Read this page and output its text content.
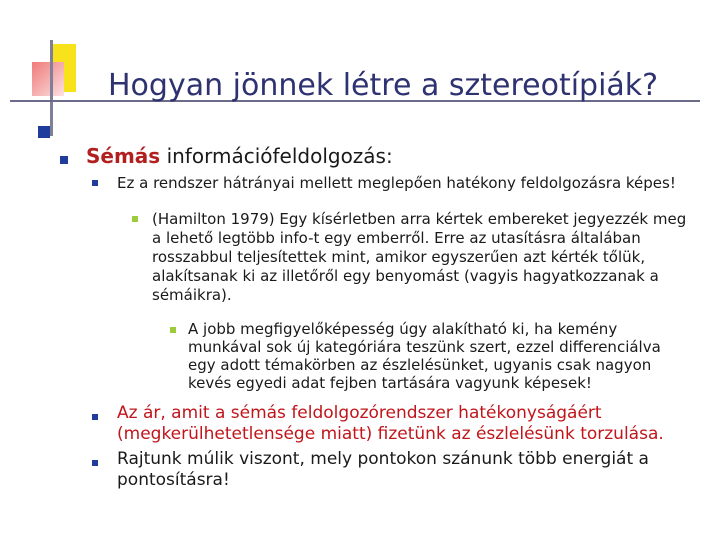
Hogyan jönnek létre a sztereotípiák?
Sémás információfeldolgozás:
Ez a rendszer hátrányai mellett meglepően hatékony feldolgozásra képes!
(Hamilton 1979) Egy kísérletben arra kértek embereket jegyezzék meg a lehető legtöbb info-t egy emberről. Erre az utasításra általában rosszabbul teljesítettek mint, amikor egyszerűen azt kérték tőlük, alakítsanak ki az illetőről egy benyomást (vagyis hagyatkozzanak a sémáikra).
A jobb megfigyelőképesség úgy alakítható ki, ha kemény munkával sok új kategóriára teszünk szert, ezzel differenciálva egy adott témakörben az észlelésünket, ugyanis csak nagyon kevés egyedi adat fejben tartására vagyunk képesek!
Az ár, amit a sémás feldolgozórendszer hatékonyságáért (megkerülhetetlensége miatt) fizetünk az észlelésünk torzulása.
Rajtunk múlik viszont, mely pontokon szánunk több energiát a pontosításra!
